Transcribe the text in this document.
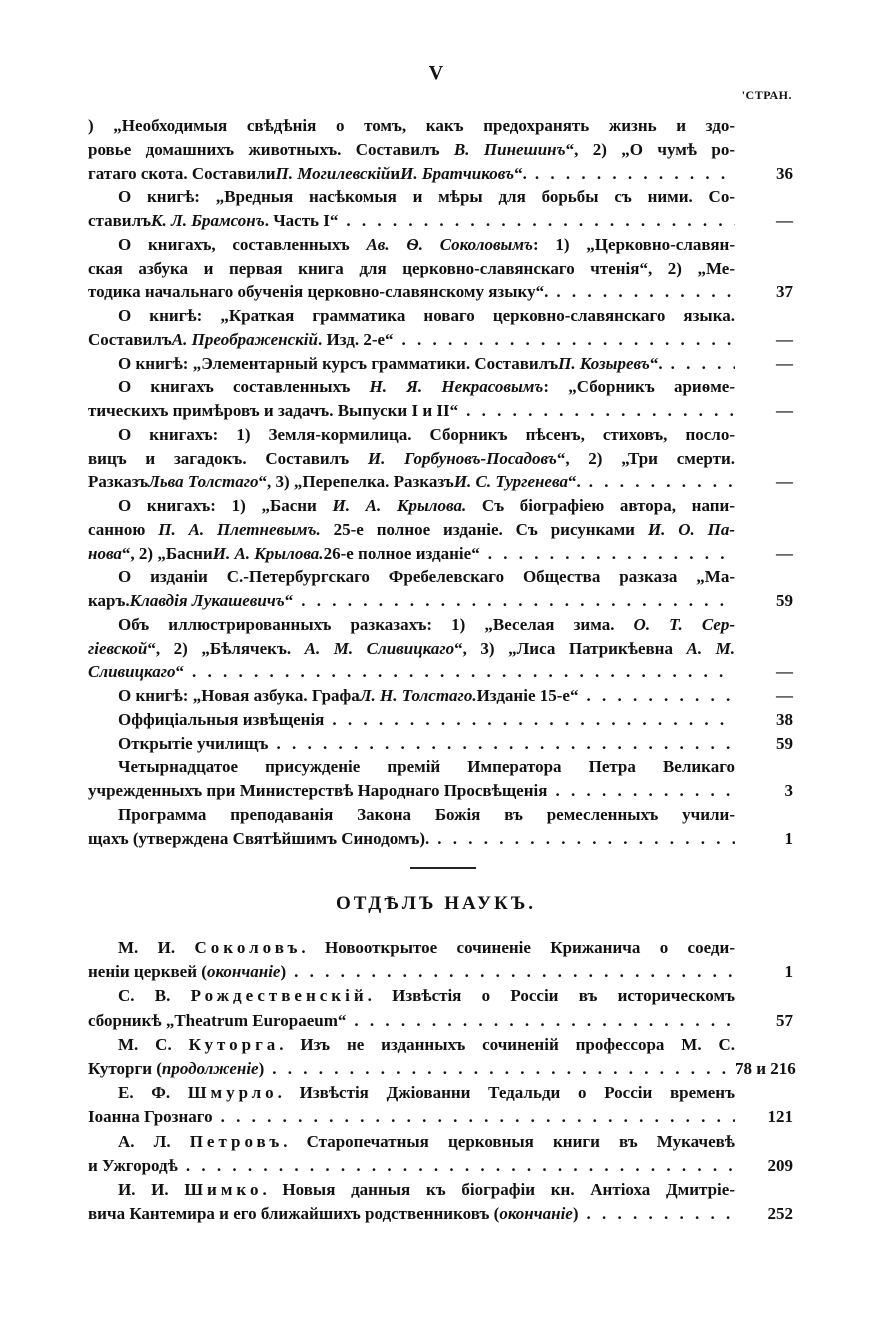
V
'СТРАН.
) „Необходимыя свѣдѣнія о томъ, какъ предохранять жизнь и здо-
ровье домашнихъ животныхъ. Составилъ В. Пинешинъ“, 2) „О чумѣ ро-
гатаго скота. Составили П. Могилевскій и И. Братчиковъ “. . . .	36
О книгѣ: „Вредныя насѣкомыя и мѣры для борьбы съ ними. Со-
ставилъ К. Л. Брамсонъ . Часть I“ . . .	—
О книгахъ, составленныхъ Ав. Ѳ. Соколовымъ: 1) „Церковно-славян-
ская азбука и первая книга для церковно-славянскаго чтенія“, 2) „Ме-
тодика начальнаго обученія церковно-славянскому языку“. . . .	37
О книгѣ: „Краткая грамматика новаго церковно-славянскаго языка.
Составилъ А. Преображенскій . Изд. 2-е“ . . .	—
О книгѣ: „Элементарный курсъ грамматики. Составилъ П. Козыревъ “. . . .	—
О книгахъ составленныхъ Н. Я. Некрасовымъ: „Сборникъ ариѳме-
тическихъ примѣровъ и задачъ. Выпуски I и II“ . . .	—
О книгахъ: 1) Земля-кормилица. Сборникъ пѣсенъ, стиховъ, посло-
вицъ и загадокъ. Составилъ И. Горбуновъ-Посадовъ“, 2) „Три смерти.
Разказъ Льва Толстаго “, 3) „Перепелка. Разказъ И. С. Тургенева “. . . .	—
О книгахъ: 1) „Басни И. А. Крылова. Съ біографіею автора, напи-
санною П. А. Плетневымъ. 25-е полное изданіе. Съ рисунками И. О. Па-
нова “, 2) „Басни И. А. Крылова. 26-е полное изданіе“ . . .	—
О изданіи С.-Петербургскаго Фребелевскаго Общества разказа „Ма-
каръ. Клавдія Лукашевичъ “ . . .	59
Объ иллюстрированныхъ разказахъ: 1) „Веселая зима. О. Т. Сер-
гіевской“, 2) „Бѣлячекъ. А. М. Сливицкаго“, 3) „Лиса Патрикѣевна А. М.
Сливицкаго “ . . .	—
О книгѣ: „Новая азбука. Графа Л. Н. Толстаго. Изданіе 15-е“ . . .	—
Оффиціальныя извѣщенія . . .	38
Открытіе училищъ . . .	59
Четырнадцатое присужденіе премій Императора Петра Великаго
учрежденныхъ при Министерствѣ Народнаго Просвѣщенія . . .	3
Программа преподаванія Закона Божія въ ремесленныхъ учили-
щахъ (утверждена Святѣйшимъ Синодомъ). . . .	1
ОТДѢЛЪ НАУКЪ.
М. И. Соколовъ. Новооткрытое сочиненіе Крижанича о соеди-
неніи церквей ( окончаніе ) . . .	1
С. В. Рождественскій. Извѣстія о Россіи въ историческомъ
сборникѣ „Theatrum Europaeum“ . . .	57
М. С. Куторга. Изъ не изданныхъ сочиненій профессора М. С.
Куторги ( продолженіе ) . . .	78 и 216
Е. Ф. Шмурло. Извѣстія Джіованни Тедальди о Россіи временъ
Іоанна Грознаго . . .	121
А. Л. Петровъ. Старопечатныя церковныя книги въ Мукачевѣ
и Ужгородѣ . . .	209
И. И. Шимко. Новыя данныя къ біографіи кн. Антіоха Дмитріе-
вича Кантемира и его ближайшихъ родственниковъ ( окончаніе ) . . .	252
